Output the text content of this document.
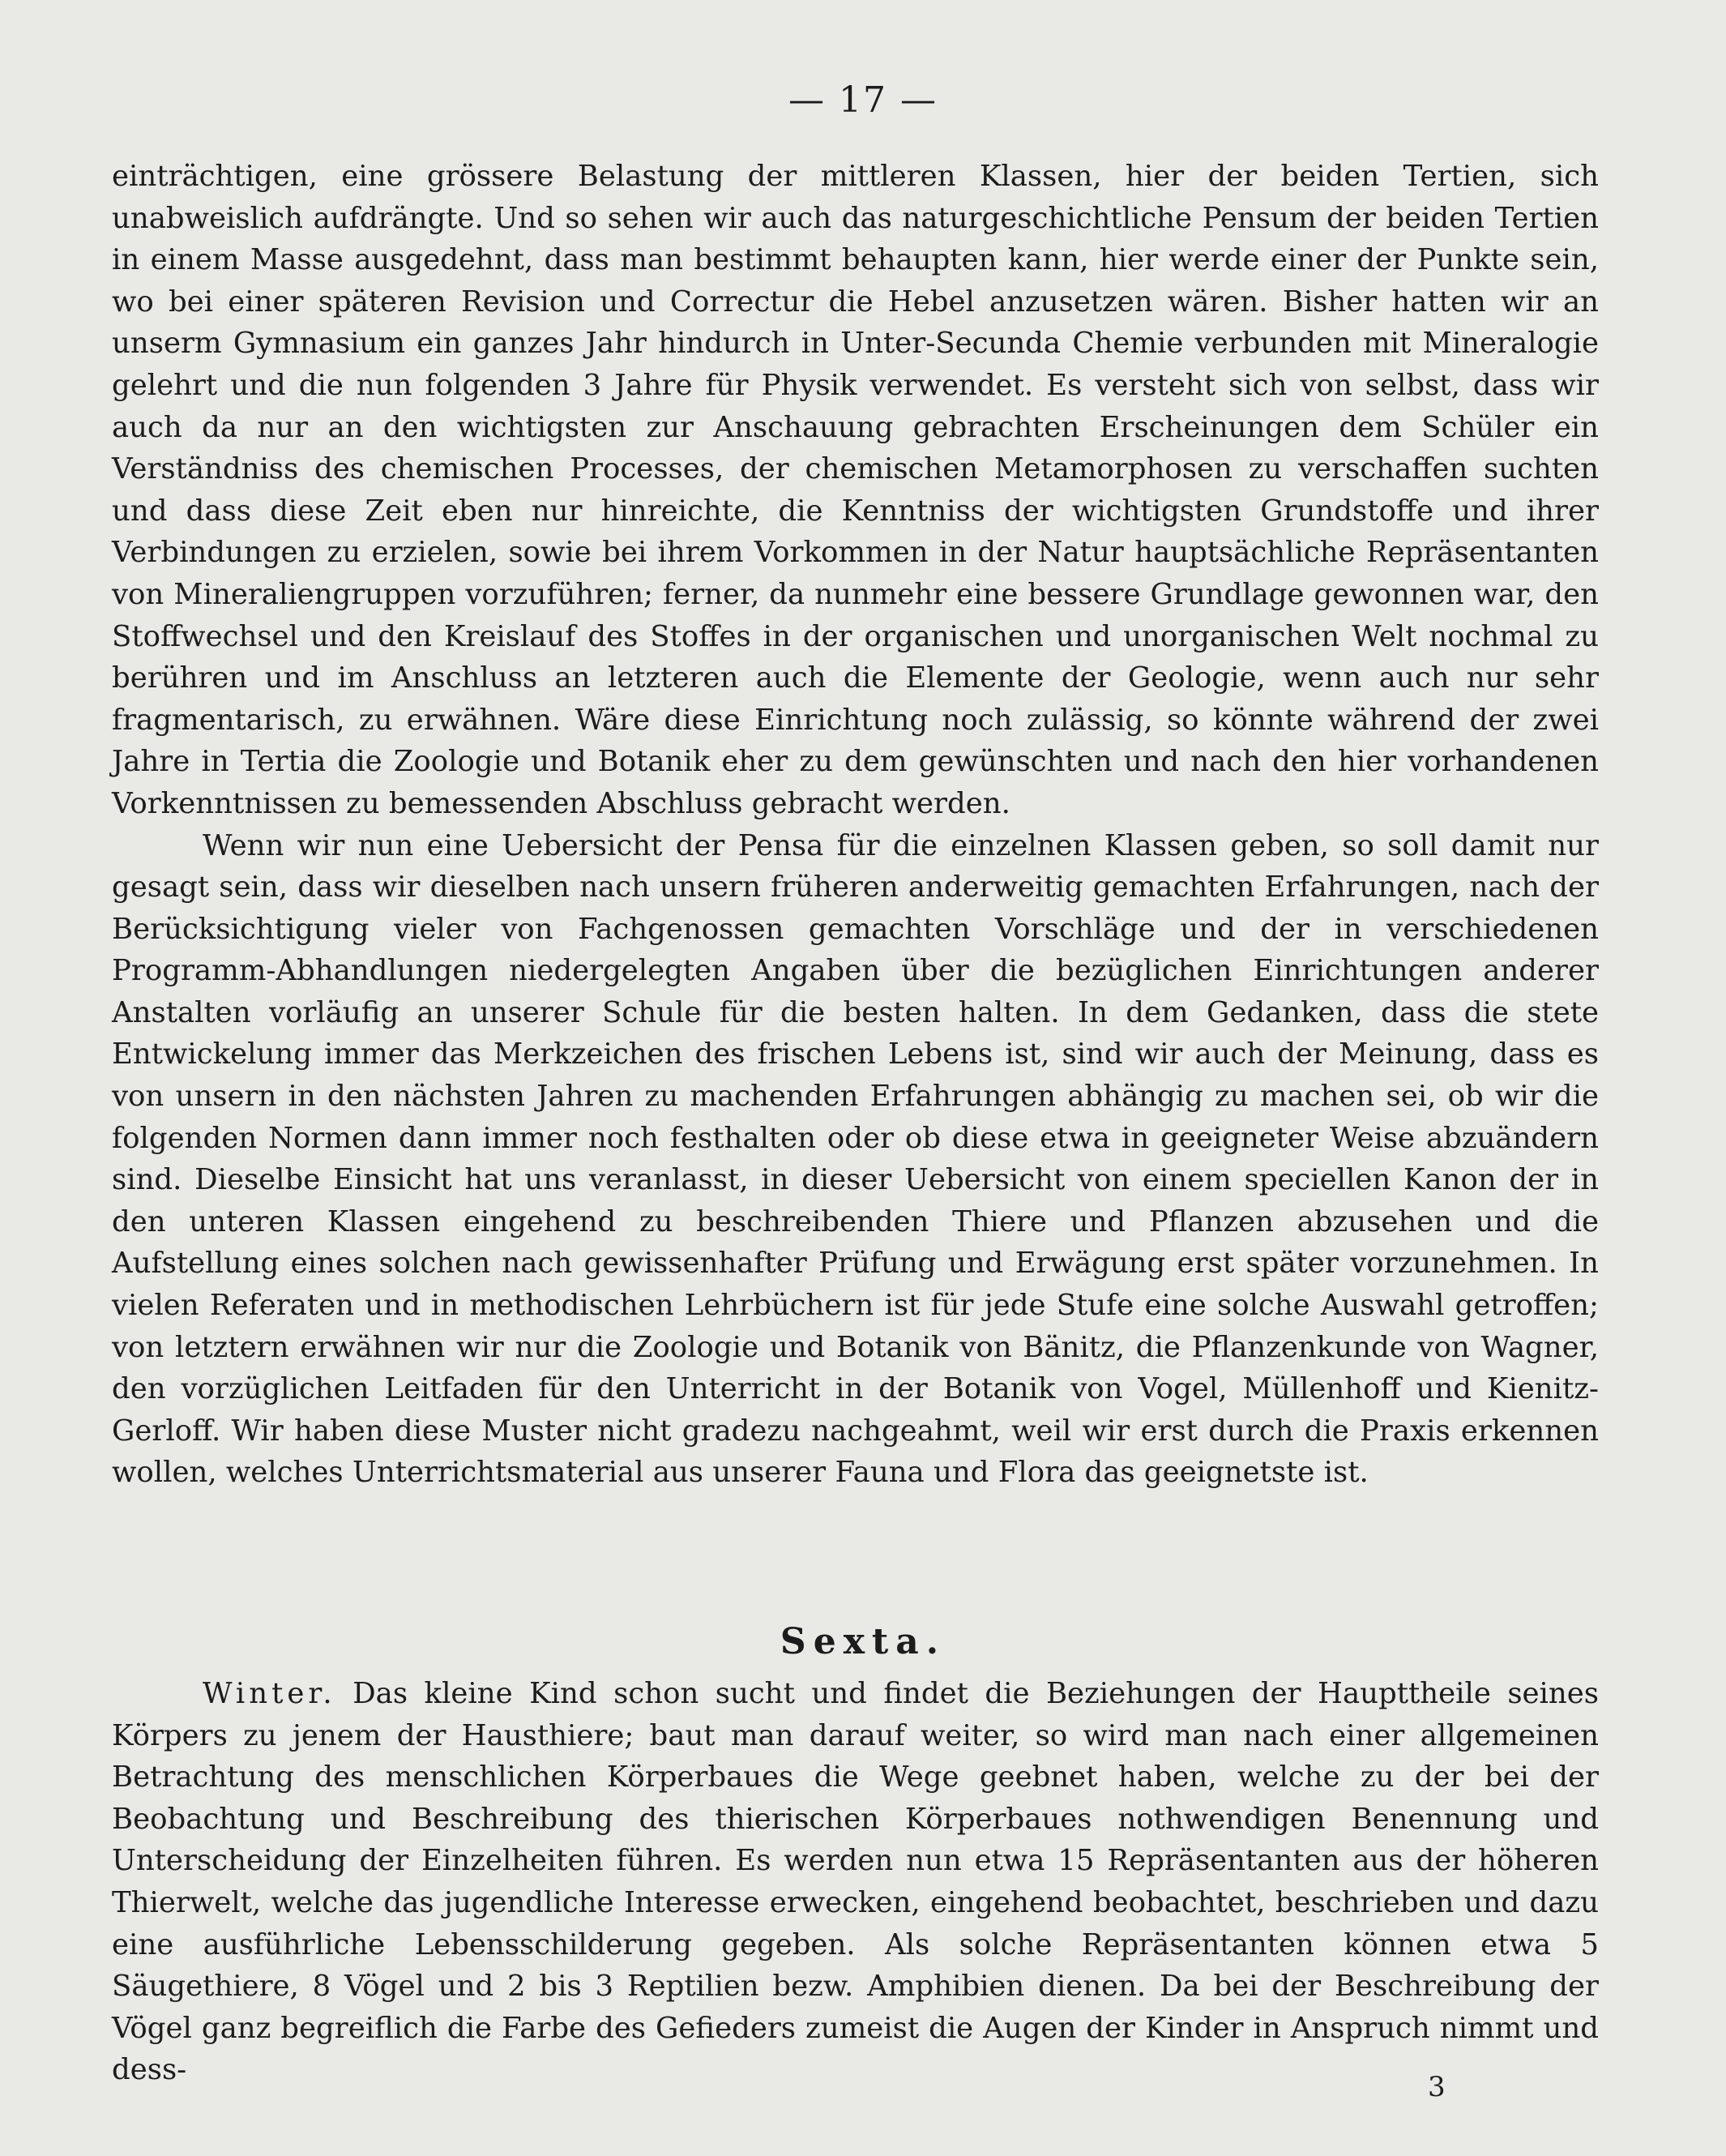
— 17 —

einträchtigen, eine grössere Belastung der mittleren Klassen, hier der beiden Tertien, sich unabweislich aufdrängte. Und so sehen wir auch das naturgeschichtliche Pensum der beiden Tertien in einem Masse ausgedehnt, dass man bestimmt behaupten kann, hier werde einer der Punkte sein, wo bei einer späteren Revision und Correctur die Hebel anzusetzen wären. Bisher hatten wir an unserm Gymnasium ein ganzes Jahr hindurch in Unter-Secunda Chemie verbunden mit Mineralogie gelehrt und die nun folgenden 3 Jahre für Physik verwendet. Es versteht sich von selbst, dass wir auch da nur an den wichtigsten zur Anschauung gebrachten Erscheinungen dem Schüler ein Verständniss des chemischen Processes, der chemischen Metamorphosen zu verschaffen suchten und dass diese Zeit eben nur hinreichte, die Kenntniss der wichtigsten Grundstoffe und ihrer Verbindungen zu erzielen, sowie bei ihrem Vorkommen in der Natur hauptsächliche Repräsentanten von Mineraliengruppen vorzuführen; ferner, da nunmehr eine bessere Grundlage gewonnen war, den Stoffwechsel und den Kreislauf des Stoffes in der organischen und unorganischen Welt nochmal zu berühren und im Anschluss an letzteren auch die Elemente der Geologie, wenn auch nur sehr fragmentarisch, zu erwähnen. Wäre diese Einrichtung noch zulässig, so könnte während der zwei Jahre in Tertia die Zoologie und Botanik eher zu dem gewünschten und nach den hier vorhandenen Vorkenntnissen zu bemessenden Abschluss gebracht werden.

Wenn wir nun eine Uebersicht der Pensa für die einzelnen Klassen geben, so soll damit nur gesagt sein, dass wir dieselben nach unsern früheren anderweitig gemachten Erfahrungen, nach der Berücksichtigung vieler von Fachgenossen gemachten Vorschläge und der in verschiedenen Programm-Abhandlungen niedergelegten Angaben über die bezüglichen Einrichtungen anderer Anstalten vorläufig an unserer Schule für die besten halten. In dem Gedanken, dass die stete Entwickelung immer das Merkzeichen des frischen Lebens ist, sind wir auch der Meinung, dass es von unsern in den nächsten Jahren zu machenden Erfahrungen abhängig zu machen sei, ob wir die folgenden Normen dann immer noch festhalten oder ob diese etwa in geeigneter Weise abzuändern sind. Dieselbe Einsicht hat uns veranlasst, in dieser Uebersicht von einem speciellen Kanon der in den unteren Klassen eingehend zu beschreibenden Thiere und Pflanzen abzusehen und die Aufstellung eines solchen nach gewissenhafter Prüfung und Erwägung erst später vorzunehmen. In vielen Referaten und in methodischen Lehrbüchern ist für jede Stufe eine solche Auswahl getroffen; von letztern erwähnen wir nur die Zoologie und Botanik von Bänitz, die Pflanzenkunde von Wagner, den vorzüglichen Leitfaden für den Unterricht in der Botanik von Vogel, Müllenhoff und Kienitz-Gerloff. Wir haben diese Muster nicht gradezu nachgeahmt, weil wir erst durch die Praxis erkennen wollen, welches Unterrichtsmaterial aus unserer Fauna und Flora das geeignetste ist.

Sexta.

Winter. Das kleine Kind schon sucht und findet die Beziehungen der Haupttheile seines Körpers zu jenem der Hausthiere; baut man darauf weiter, so wird man nach einer allgemeinen Betrachtung des menschlichen Körperbaues die Wege geebnet haben, welche zu der bei der Beobachtung und Beschreibung des thierischen Körperbaues nothwendigen Benennung und Unterscheidung der Einzelheiten führen. Es werden nun etwa 15 Repräsentanten aus der höheren Thierwelt, welche das jugendliche Interesse erwecken, eingehend beobachtet, beschrieben und dazu eine ausführliche Lebensschilderung gegeben. Als solche Repräsentanten können etwa 5 Säugethiere, 8 Vögel und 2 bis 3 Reptilien bezw. Amphibien dienen. Da bei der Beschreibung der Vögel ganz begreiflich die Farbe des Gefieders zumeist die Augen der Kinder in Anspruch nimmt und dess-

3
